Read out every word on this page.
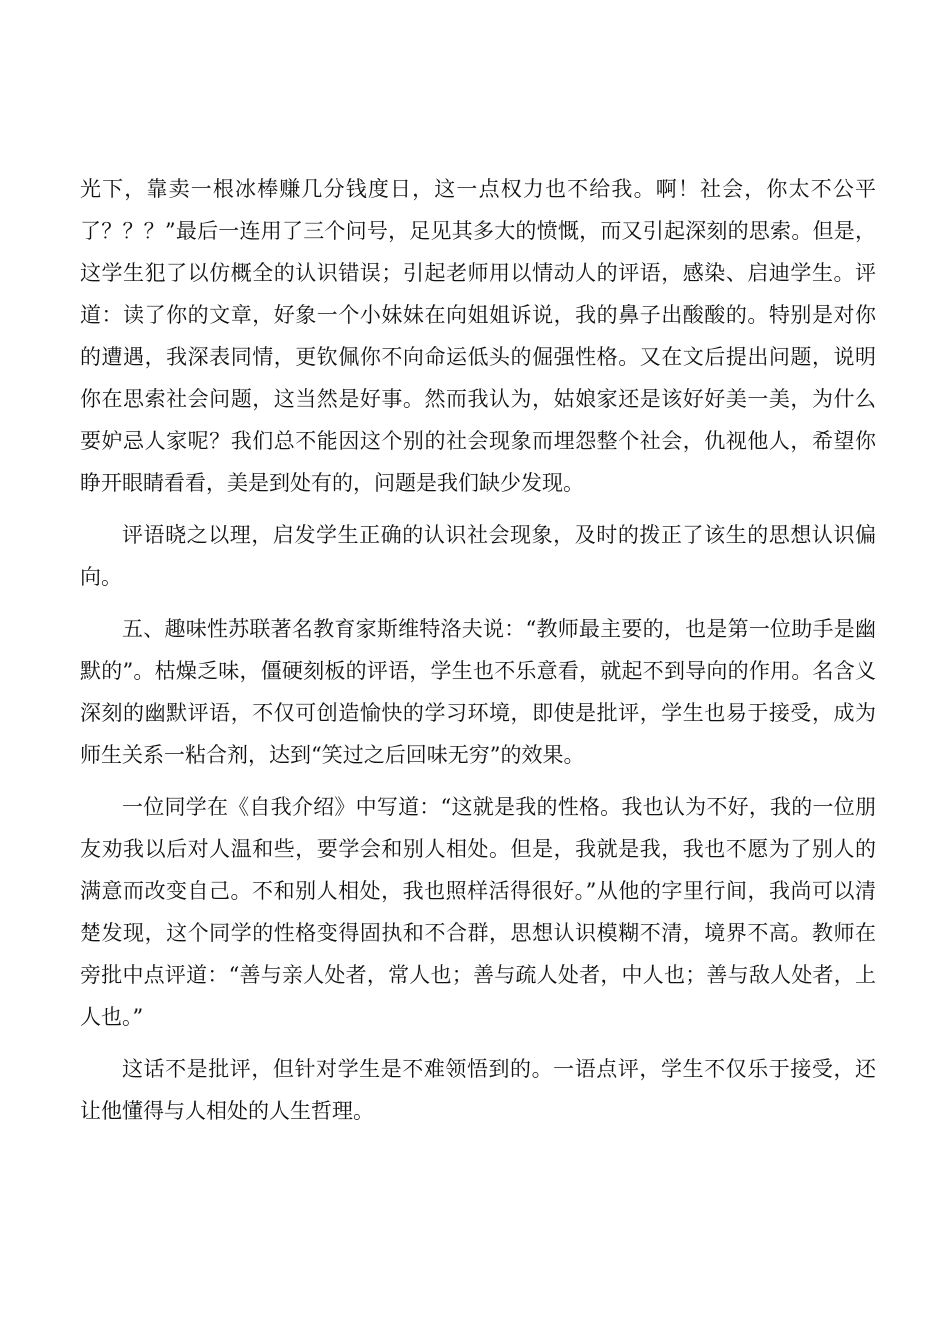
光下，靠卖一根冰棒赚几分钱度日，这一点权力也不给我。啊！社会，你太不公平了？？？”最后一连用了三个问号，足见其多大的愤慨，而又引起深刻的思索。但是，这学生犯了以仿概全的认识错误；引起老师用以情动人的评语，感染、启迪学生。评道：读了你的文章，好象一个小妹妹在向姐姐诉说，我的鼻子出酸酸的。特别是对你的遭遇，我深表同情，更钦佩你不向命运低头的倔强性格。又在文后提出问题，说明你在思索社会问题，这当然是好事。然而我认为，姑娘家还是该好好美一美，为什么要妒忌人家呢？我们总不能因这个别的社会现象而埋怨整个社会，仇视他人，希望你睁开眼睛看看，美是到处有的，问题是我们缺少发现。

评语晓之以理，启发学生正确的认识社会现象，及时的拨正了该生的思想认识偏向。

五、趣味性苏联著名教育家斯维特洛夫说：“教师最主要的，也是第一位助手是幽默的”。枯燥乏味，僵硬刻板的评语，学生也不乐意看，就起不到导向的作用。名含义深刻的幽默评语，不仅可创造愉快的学习环境，即使是批评，学生也易于接受，成为师生关系一粘合剂，达到“笑过之后回味无穷”的效果。

一位同学在《自我介绍》中写道：“这就是我的性格。我也认为不好，我的一位朋友劝我以后对人温和些，要学会和别人相处。但是，我就是我，我也不愿为了别人的满意而改变自己。不和别人相处，我也照样活得很好。”从他的字里行间，我尚可以清楚发现，这个同学的性格变得固执和不合群，思想认识模糊不清，境界不高。教师在旁批中点评道：“善与亲人处者，常人也；善与疏人处者，中人也；善与敌人处者，上人也。”

这话不是批评，但针对学生是不难领悟到的。一语点评，学生不仅乐于接受，还让他懂得与人相处的人生哲理。
